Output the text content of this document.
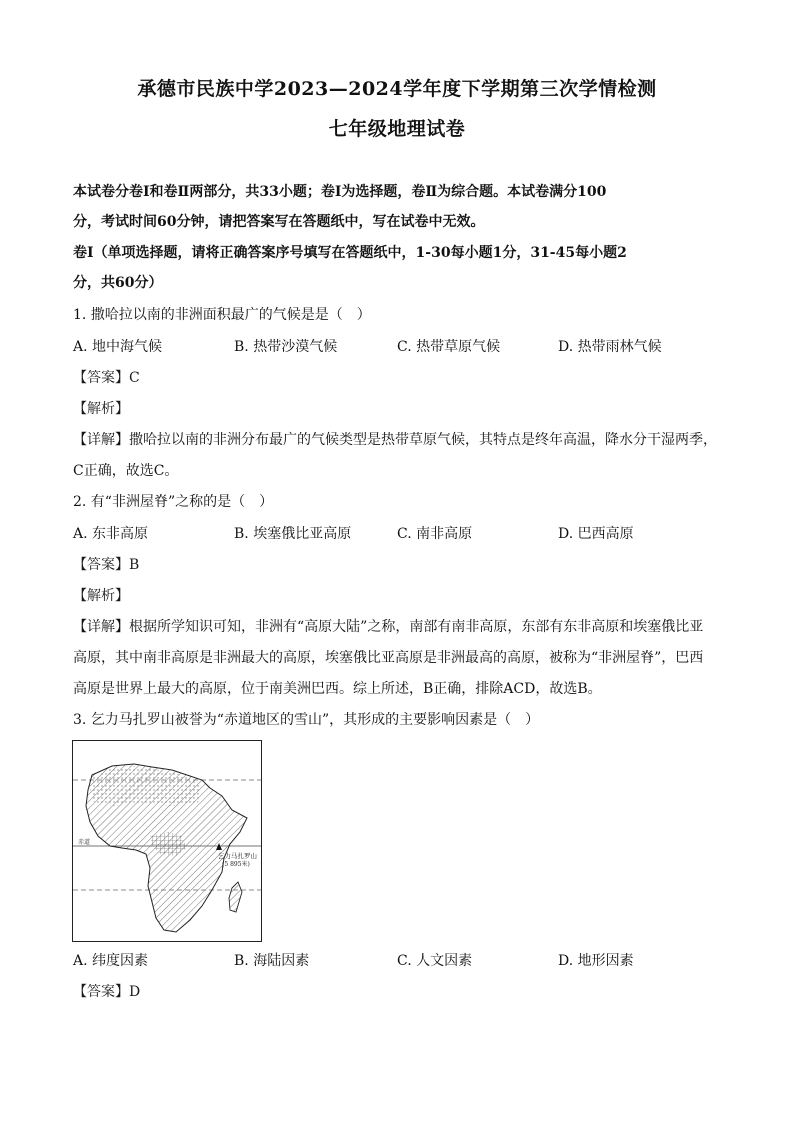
承德市民族中学2023—2024学年度下学期第三次学情检测
七年级地理试卷
本试卷分卷Ⅰ和卷Ⅱ两部分，共33小题；卷Ⅰ为选择题，卷Ⅱ为综合题。本试卷满分100
分，考试时间60分钟，请把答案写在答题纸中，写在试卷中无效。
卷Ⅰ（单项选择题，请将正确答案序号填写在答题纸中，1-30每小题1分，31-45每小题2
分，共60分）
1. 撒哈拉以南的非洲面积最广的气候是是（　）
A. 地中海气候	B. 热带沙漠气候	C. 热带草原气候	D. 热带雨林气候
【答案】C
【解析】
【详解】撒哈拉以南的非洲分布最广的气候类型是热带草原气候，其特点是终年高温，降水分干湿两季，
C正确，故选C。
2. 有“非洲屋脊”之称的是（　）
A. 东非高原	B. 埃塞俄比亚高原	C. 南非高原	D. 巴西高原
【答案】B
【解析】
【详解】根据所学知识可知，非洲有“高原大陆”之称，南部有南非高原，东部有东非高原和埃塞俄比亚
高原，其中南非高原是非洲最大的高原，埃塞俄比亚高原是非洲最高的高原，被称为“非洲屋脊”，巴西
高原是世界上最大的高原，位于南美洲巴西。综上所述，B正确，排除ACD，故选B。
3. 乞力马扎罗山被誉为“赤道地区的雪山”，其形成的主要影响因素是（　）
赤道
乞力马扎罗山
(5 895米)
A. 纬度因素	B. 海陆因素	C. 人文因素	D. 地形因素
【答案】D
